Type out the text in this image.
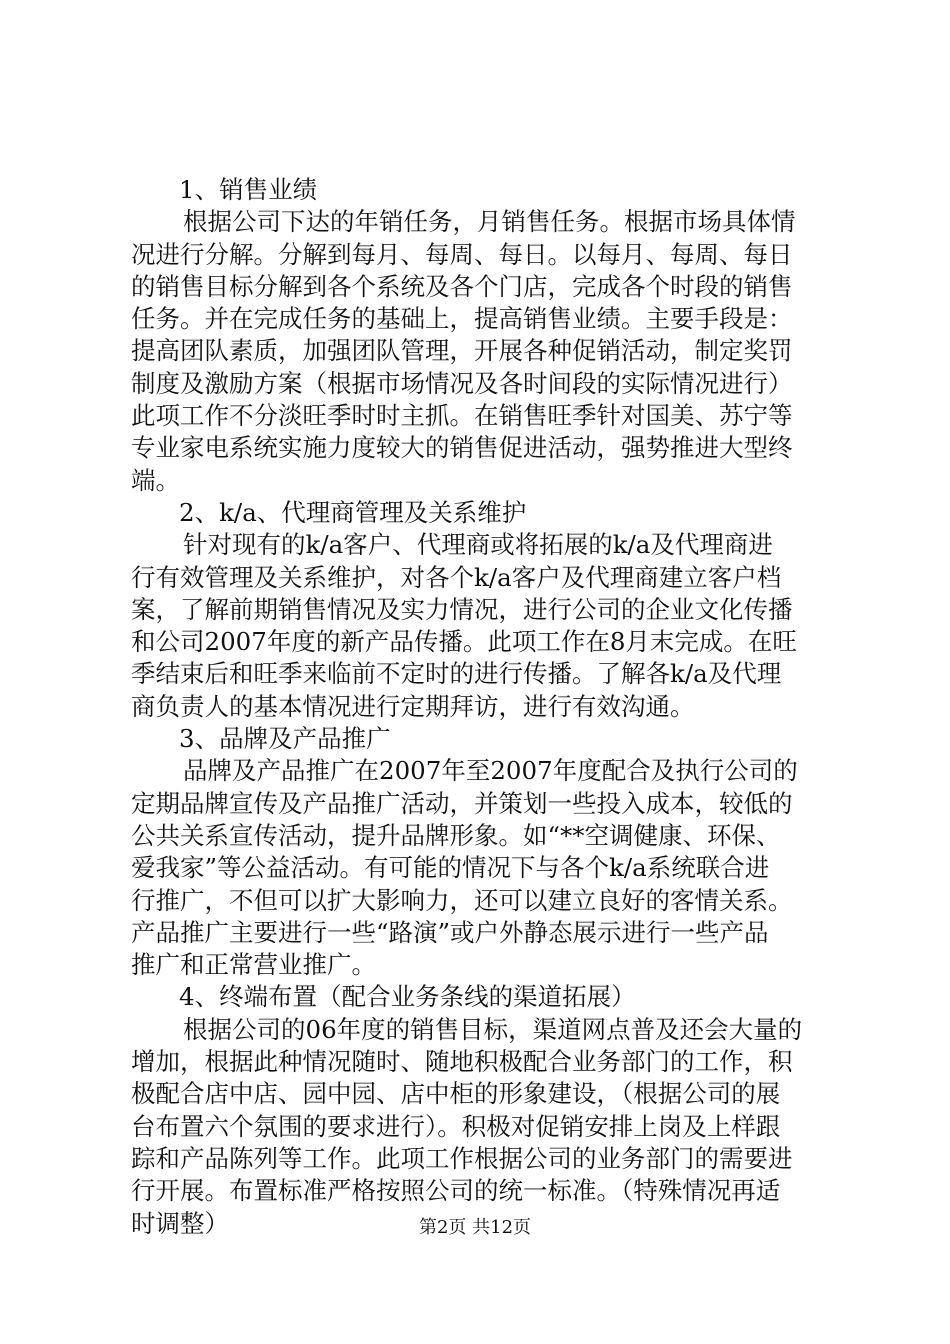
1、销售业绩
根据公司下达的年销任务，月销售任务。根据市场具体情
况进行分解。分解到每月、每周、每日。以每月、每周、每日
的销售目标分解到各个系统及各个门店，完成各个时段的销售
任务。并在完成任务的基础上，提高销售业绩。主要手段是：
提高团队素质，加强团队管理，开展各种促销活动，制定奖罚
制度及激励方案（根据市场情况及各时间段的实际情况进行）
此项工作不分淡旺季时时主抓。在销售旺季针对国美、苏宁等
专业家电系统实施力度较大的销售促进活动，强势推进大型终
端。
2、k/a、代理商管理及关系维护
针对现有的k/a客户、代理商或将拓展的k/a及代理商进
行有效管理及关系维护，对各个k/a客户及代理商建立客户档
案，了解前期销售情况及实力情况，进行公司的企业文化传播
和公司2007年度的新产品传播。此项工作在8月末完成。在旺
季结束后和旺季来临前不定时的进行传播。了解各k/a及代理
商负责人的基本情况进行定期拜访，进行有效沟通。
3、品牌及产品推广
品牌及产品推广在2007年至2007年度配合及执行公司的
定期品牌宣传及产品推广活动，并策划一些投入成本，较低的
公共关系宣传活动，提升品牌形象。如“**空调健康、环保、
爱我家”等公益活动。有可能的情况下与各个k/a系统联合进
行推广，不但可以扩大影响力，还可以建立良好的客情关系。
产品推广主要进行一些“路演”或户外静态展示进行一些产品
推广和正常营业推广。
4、终端布置（配合业务条线的渠道拓展）
根据公司的06年度的销售目标，渠道网点普及还会大量的
增加，根据此种情况随时、随地积极配合业务部门的工作，积
极配合店中店、园中园、店中柜的形象建设，（根据公司的展
台布置六个氛围的要求进行）。积极对促销安排上岗及上样跟
踪和产品陈列等工作。此项工作根据公司的业务部门的需要进
行开展。布置标准严格按照公司的统一标准。（特殊情况再适
时调整）	第2页 共12页
